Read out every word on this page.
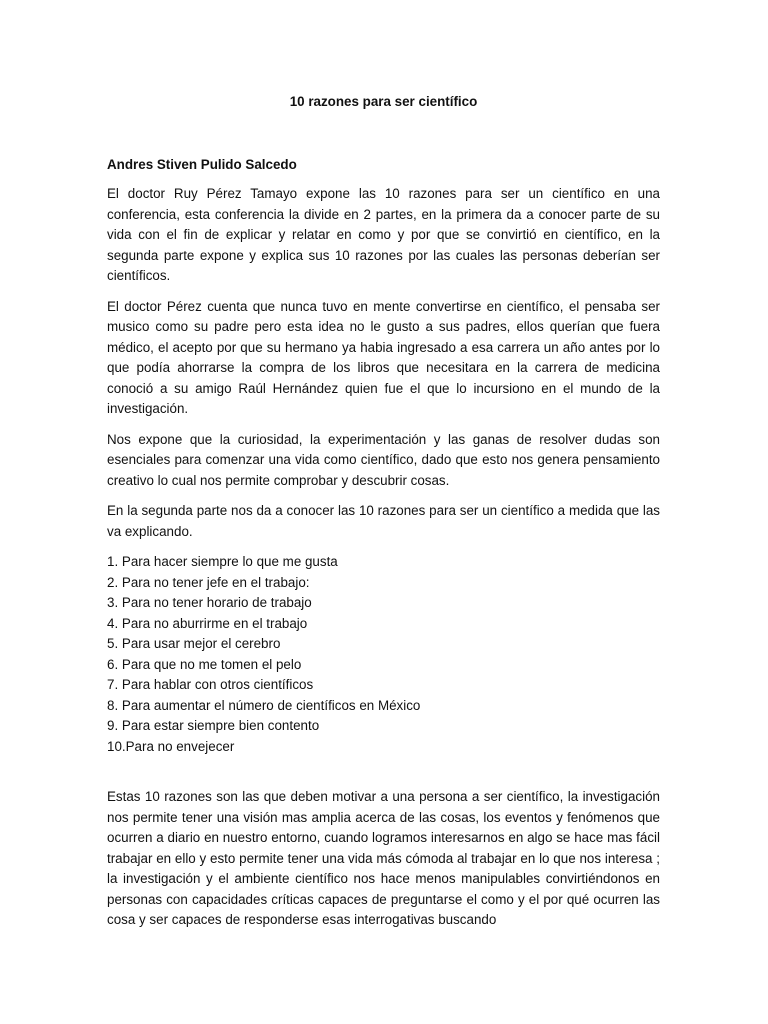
10 razones para ser científico

Andres Stiven Pulido Salcedo

El doctor Ruy Pérez Tamayo expone las 10 razones para ser un científico en una conferencia, esta conferencia la divide en 2 partes, en la primera da a conocer parte de su vida con el fin de explicar y relatar en como y por que se convirtió en científico, en la segunda parte expone y explica sus 10 razones por las cuales las personas deberían ser científicos.

El doctor Pérez cuenta que nunca tuvo en mente convertirse en científico, el pensaba ser musico como su padre pero esta idea no le gusto a sus padres, ellos querían que fuera médico, el acepto por que su hermano ya habia ingresado a esa carrera un año antes por lo que podía ahorrarse la compra de los libros que necesitara en la carrera de medicina conoció a su amigo Raúl Hernández quien fue el que lo incursiono en el mundo de la investigación.

Nos expone que la curiosidad, la experimentación y las ganas de resolver dudas son esenciales para comenzar una vida como científico, dado que esto nos genera pensamiento creativo lo cual nos permite comprobar y descubrir cosas.

En la segunda parte nos da a conocer las 10 razones para ser un científico a medida que las va explicando.

1. Para hacer siempre lo que me gusta
2. Para no tener jefe en el trabajo:
3. Para no tener horario de trabajo
4. Para no aburrirme en el trabajo
5. Para usar mejor el cerebro
6. Para que no me tomen el pelo
7. Para hablar con otros científicos
8. Para aumentar el número de científicos en México
9. Para estar siempre bien contento
10.Para no envejecer

Estas 10 razones son las que deben motivar a una persona a ser científico, la investigación nos permite tener una visión mas amplia acerca de las cosas, los eventos y fenómenos que ocurren a diario en nuestro entorno, cuando logramos interesarnos en algo se hace mas fácil trabajar en ello y esto permite tener una vida más cómoda al trabajar en lo que nos interesa ; la investigación y el ambiente científico nos hace menos manipulables convirtiéndonos en personas con capacidades críticas capaces de preguntarse el como y el por qué ocurren las cosa y ser capaces de responderse esas interrogativas buscando
